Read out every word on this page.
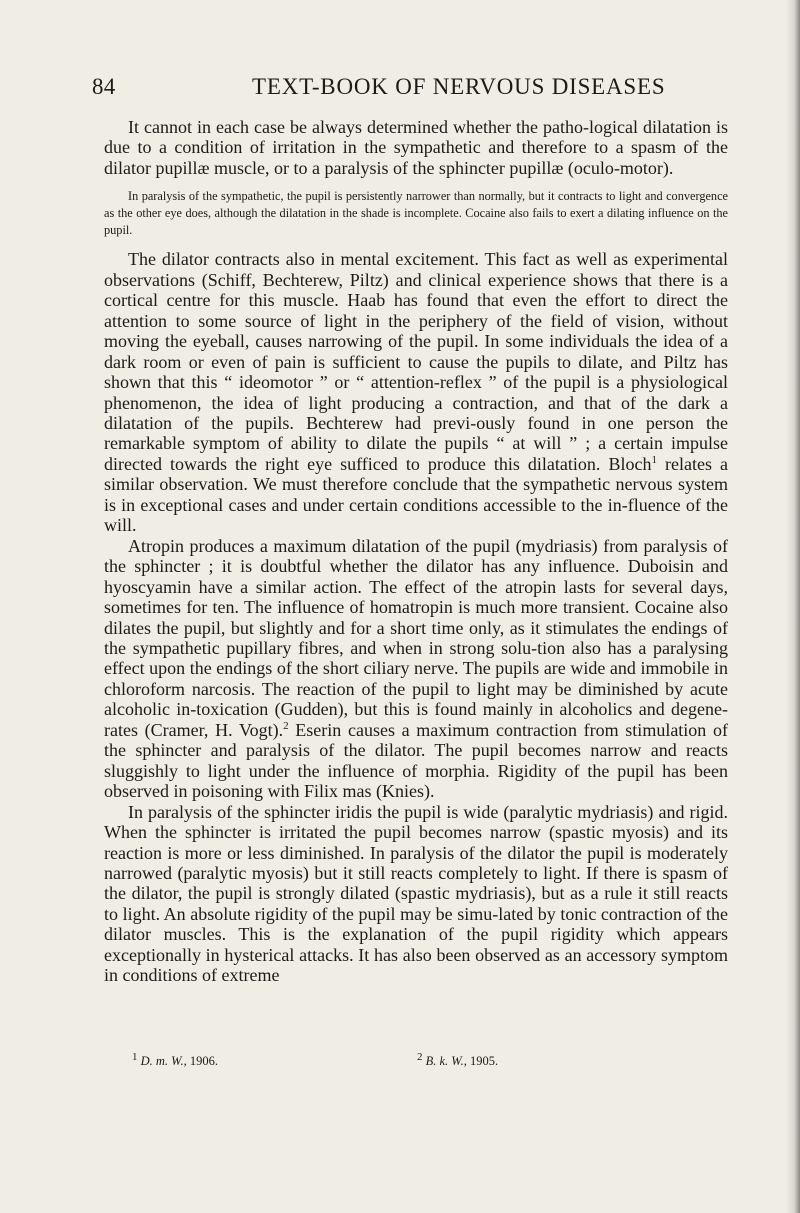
84	TEXT-BOOK OF NERVOUS DISEASES

It cannot in each case be always determined whether the patho-logical dilatation is due to a condition of irritation in the sympathetic and therefore to a spasm of the dilator pupillæ muscle, or to a paralysis of the sphincter pupillæ (oculo-motor).

In paralysis of the sympathetic, the pupil is persistently narrower than normally, but it contracts to light and convergence as the other eye does, although the dilatation in the shade is incomplete. Cocaine also fails to exert a dilating influence on the pupil.

The dilator contracts also in mental excitement. This fact as well as experimental observations (Schiff, Bechterew, Piltz) and clinical experience shows that there is a cortical centre for this muscle. Haab has found that even the effort to direct the attention to some source of light in the periphery of the field of vision, without moving the eyeball, causes narrowing of the pupil. In some individuals the idea of a dark room or even of pain is sufficient to cause the pupils to dilate, and Piltz has shown that this “ ideomotor ” or “ attention-reflex ” of the pupil is a physiological phenomenon, the idea of light producing a contraction, and that of the dark a dilatation of the pupils. Bechterew had previ-ously found in one person the remarkable symptom of ability to dilate the pupils “ at will ” ; a certain impulse directed towards the right eye sufficed to produce this dilatation. Bloch$^1$ relates a similar observation. We must therefore conclude that the sympathetic nervous system is in exceptional cases and under certain conditions accessible to the in-fluence of the will.

Atropin produces a maximum dilatation of the pupil (mydriasis) from paralysis of the sphincter ; it is doubtful whether the dilator has any influence. Duboisin and hyoscyamin have a similar action. The effect of the atropin lasts for several days, sometimes for ten. The influence of homatropin is much more transient. Cocaine also dilates the pupil, but slightly and for a short time only, as it stimulates the endings of the sympathetic pupillary fibres, and when in strong solu-tion also has a paralysing effect upon the endings of the short ciliary nerve. The pupils are wide and immobile in chloroform narcosis. The reaction of the pupil to light may be diminished by acute alcoholic in-toxication (Gudden), but this is found mainly in alcoholics and degene-rates (Cramer, H. Vogt).$^2$ Eserin causes a maximum contraction from stimulation of the sphincter and paralysis of the dilator. The pupil becomes narrow and reacts sluggishly to light under the influence of morphia. Rigidity of the pupil has been observed in poisoning with Filix mas (Knies).

In paralysis of the sphincter iridis the pupil is wide (paralytic mydriasis) and rigid. When the sphincter is irritated the pupil becomes narrow (spastic myosis) and its reaction is more or less diminished. In paralysis of the dilator the pupil is moderately narrowed (paralytic myosis) but it still reacts completely to light. If there is spasm of the dilator, the pupil is strongly dilated (spastic mydriasis), but as a rule it still reacts to light. An absolute rigidity of the pupil may be simu-lated by tonic contraction of the dilator muscles. This is the explanation of the pupil rigidity which appears exceptionally in hysterical attacks. It has also been observed as an accessory symptom in conditions of extreme

$^1$ D. m. W., 1906.	$^2$ B. k. W., 1905.
